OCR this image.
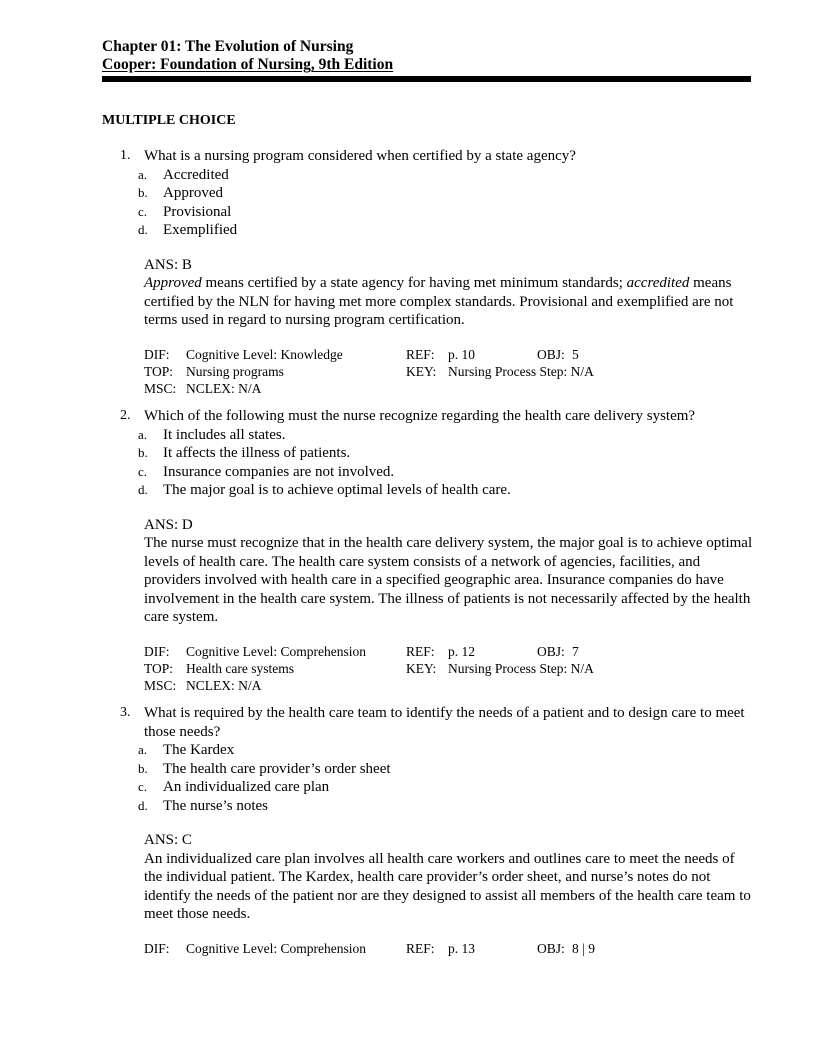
Chapter 01: The Evolution of Nursing
Cooper: Foundation of Nursing, 9th Edition
MULTIPLE CHOICE
1. What is a nursing program considered when certified by a state agency?
a. Accredited
b. Approved
c. Provisional
d. Exemplified
ANS: B
Approved means certified by a state agency for having met minimum standards; accredited means certified by the NLN for having met more complex standards. Provisional and exemplified are not terms used in regard to nursing program certification.
DIF: Cognitive Level: Knowledge	REF: p. 10	OBJ: 5
TOP: Nursing programs	KEY: Nursing Process Step: N/A
MSC: NCLEX: N/A
2. Which of the following must the nurse recognize regarding the health care delivery system?
a. It includes all states.
b. It affects the illness of patients.
c. Insurance companies are not involved.
d. The major goal is to achieve optimal levels of health care.
ANS: D
The nurse must recognize that in the health care delivery system, the major goal is to achieve optimal levels of health care. The health care system consists of a network of agencies, facilities, and providers involved with health care in a specified geographic area. Insurance companies do have involvement in the health care system. The illness of patients is not necessarily affected by the health care system.
DIF: Cognitive Level: Comprehension	REF: p. 12	OBJ: 7
TOP: Health care systems	KEY: Nursing Process Step: N/A
MSC: NCLEX: N/A
3. What is required by the health care team to identify the needs of a patient and to design care to meet those needs?
a. The Kardex
b. The health care provider’s order sheet
c. An individualized care plan
d. The nurse’s notes
ANS: C
An individualized care plan involves all health care workers and outlines care to meet the needs of the individual patient. The Kardex, health care provider’s order sheet, and nurse’s notes do not identify the needs of the patient nor are they designed to assist all members of the health care team to meet those needs.
DIF: Cognitive Level: Comprehension	REF: p. 13	OBJ: 8 | 9
